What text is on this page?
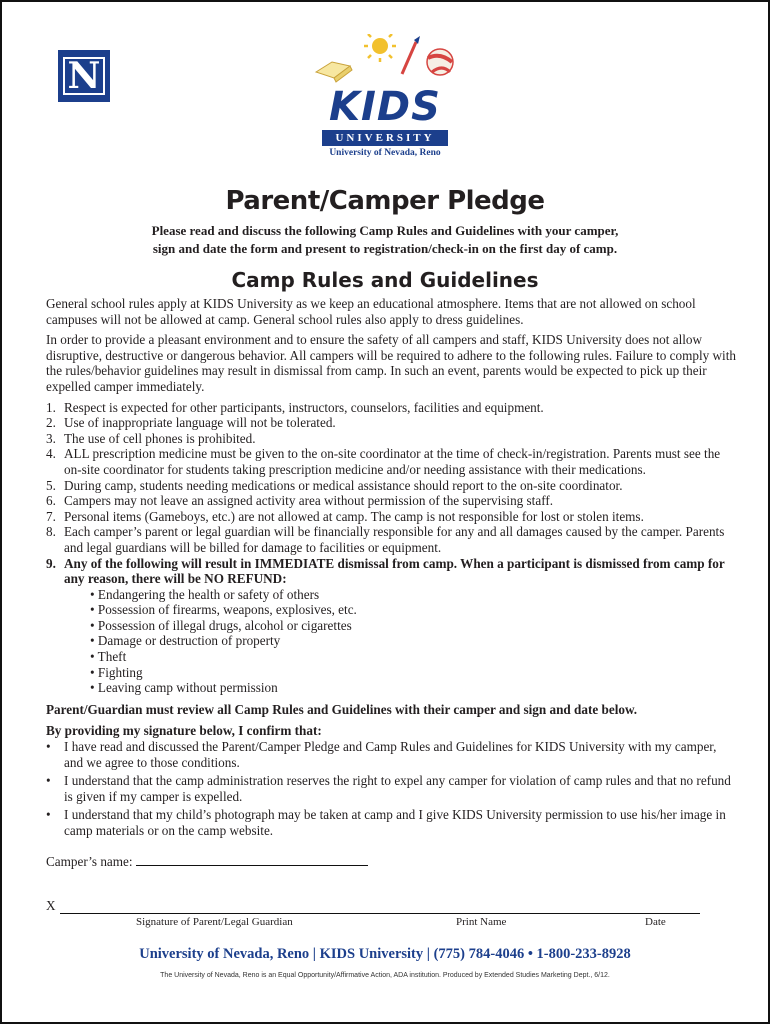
N
KIDS
UNIVERSITY
University of Nevada, Reno
Parent/Camper Pledge
Please read and discuss the following Camp Rules and Guidelines with your camper,
sign and date the form and present to registration/check-in on the first day of camp.
Camp Rules and Guidelines

General school rules apply at KIDS University as we keep an educational atmosphere. Items that are not allowed on school campuses will not be allowed at camp. General school rules also apply to dress guidelines.

In order to provide a pleasant environment and to ensure the safety of all campers and staff, KIDS University does not allow disruptive, destructive or dangerous behavior. All campers will be required to adhere to the following rules. Failure to comply with the rules/behavior guidelines may result in dismissal from camp. In such an event, parents would be expected to pick up their expelled camper immediately.

1. Respect is expected for other participants, instructors, counselors, facilities and equipment.
2. Use of inappropriate language will not be tolerated.
3. The use of cell phones is prohibited.
4. ALL prescription medicine must be given to the on-site coordinator at the time of check-in/registration. Parents must see the on-site coordinator for students taking prescription medicine and/or needing assistance with their medications.
5. During camp, students needing medications or medical assistance should report to the on-site coordinator.
6. Campers may not leave an assigned activity area without permission of the supervising staff.
7. Personal items (Gameboys, etc.) are not allowed at camp. The camp is not responsible for lost or stolen items.
8. Each camper’s parent or legal guardian will be financially responsible for any and all damages caused by the camper. Parents and legal guardians will be billed for damage to facilities or equipment.
9. Any of the following will result in IMMEDIATE dismissal from camp. When a participant is dismissed from camp for any reason, there will be NO REFUND:
• Endangering the health or safety of others
• Possession of firearms, weapons, explosives, etc.
• Possession of illegal drugs, alcohol or cigarettes
• Damage or destruction of property
• Theft
• Fighting
• Leaving camp without permission
Parent/Guardian must review all Camp Rules and Guidelines with their camper and sign and date below.
By providing my signature below, I confirm that:
• I have read and discussed the Parent/Camper Pledge and Camp Rules and Guidelines for KIDS University with my camper, and we agree to those conditions.
• I understand that the camp administration reserves the right to expel any camper for violation of camp rules and that no refund is given if my camper is expelled.
• I understand that my child’s photograph may be taken at camp and I give KIDS University permission to use his/her image in camp materials or on the camp website.
Camper’s name:
X
Signature of Parent/Legal Guardian	Print Name	Date
University of Nevada, Reno | KIDS University | (775) 784-4046 • 1-800-233-8928
The University of Nevada, Reno is an Equal Opportunity/Affirmative Action, ADA institution. Produced by Extended Studies Marketing Dept., 6/12.
